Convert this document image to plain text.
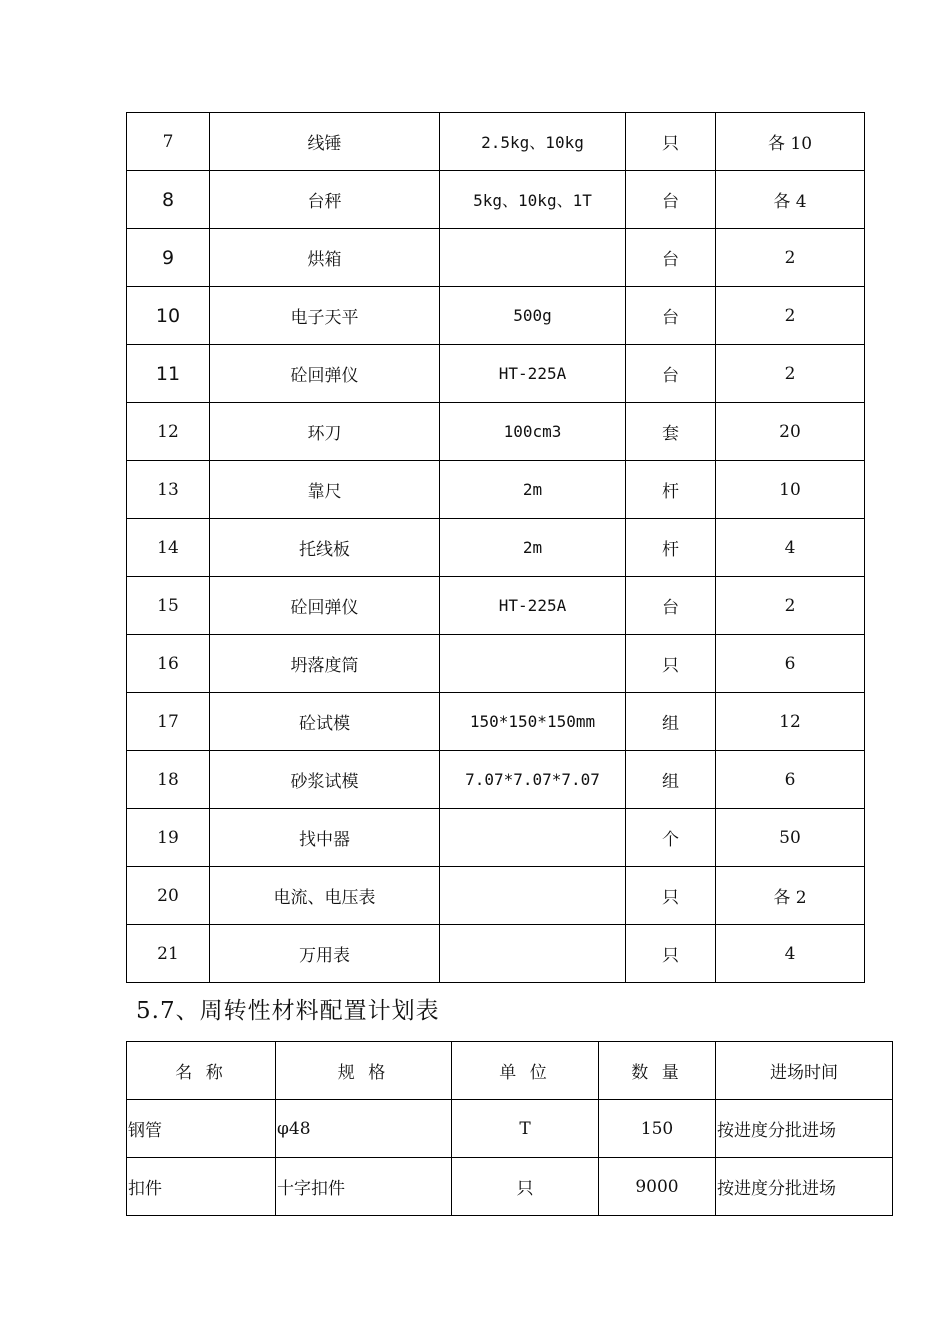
7	线锤	2.5kg、10kg	只	各 10
8	台秤	5kg、10kg、1T	台	各 4
9	烘箱		台	2
10	电子天平	500g	台	2
11	砼回弹仪	HT-225A	台	2
12	环刀	100cm3	套	20
13	靠尺	2m	杆	10
14	托线板	2m	杆	4
15	砼回弹仪	HT-225A	台	2
16	坍落度筒		只	6
17	砼试模	150*150*150mm	组	12
18	砂浆试模	7.07*7.07*7.07	组	6
19	找中器		个	50
20	电流、电压表		只	各 2
21	万用表		只	4
5.7、周转性材料配置计划表
名 称	规 格	单 位	数 量	进场时间
钢管	φ48	T	150	按进度分批进场
扣件	十字扣件	只	9000	按进度分批进场
